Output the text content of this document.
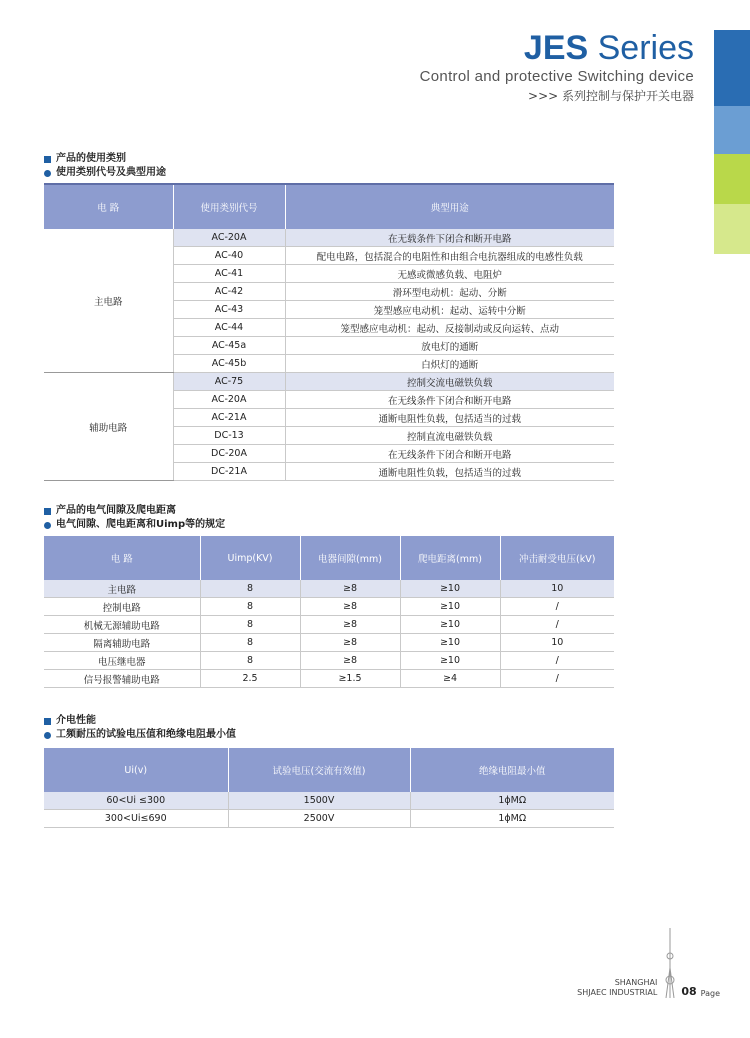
JES Series
Control and protective Switching device
>>> 系列控制与保护开关电器
产品的使用类别
使用类别代号及典型用途
电 路	使用类别代号	典型用途
主电路	AC-20A	在无载条件下闭合和断开电路
	AC-40	配电电路，包括混合的电阻性和由组合电抗器组成的电感性负载
	AC-41	无感或微感负载、电阻炉
	AC-42	滑环型电动机：起动、分断
	AC-43	笼型感应电动机：起动、运转中分断
	AC-44	笼型感应电动机：起动、反接制动或反向运转、点动
	AC-45a	放电灯的通断
	AC-45b	白炽灯的通断
辅助电路	AC-75	控制交流电磁铁负载
	AC-20A	在无线条件下闭合和断开电路
	AC-21A	通断电阻性负载，包括适当的过载
	DC-13	控制直流电磁铁负载
	DC-20A	在无线条件下闭合和断开电路
	DC-21A	通断电阻性负载，包括适当的过载
产品的电气间隙及爬电距离
电气间隙、爬电距离和Uimp等的规定
电 路	Uimp(KV)	电器间隙(mm)	爬电距离(mm)	冲击耐受电压(kV)
主电路	8	≥8	≥10	10
控制电路	8	≥8	≥10	/
机械无源辅助电路	8	≥8	≥10	/
隔离辅助电路	8	≥8	≥10	10
电压继电器	8	≥8	≥10	/
信号报警辅助电路	2.5	≥1.5	≥4	/
介电性能
工频耐压的试验电压值和绝缘电阻最小值
Ui(v)	试验电压(交流有效值)	绝缘电阻最小值
60<Ui ≤300	1500V	1ϕMΩ
300<Ui≤690	2500V	1ϕMΩ
SHANGHAI
SHJAEC INDUSTRIAL 08 Page
